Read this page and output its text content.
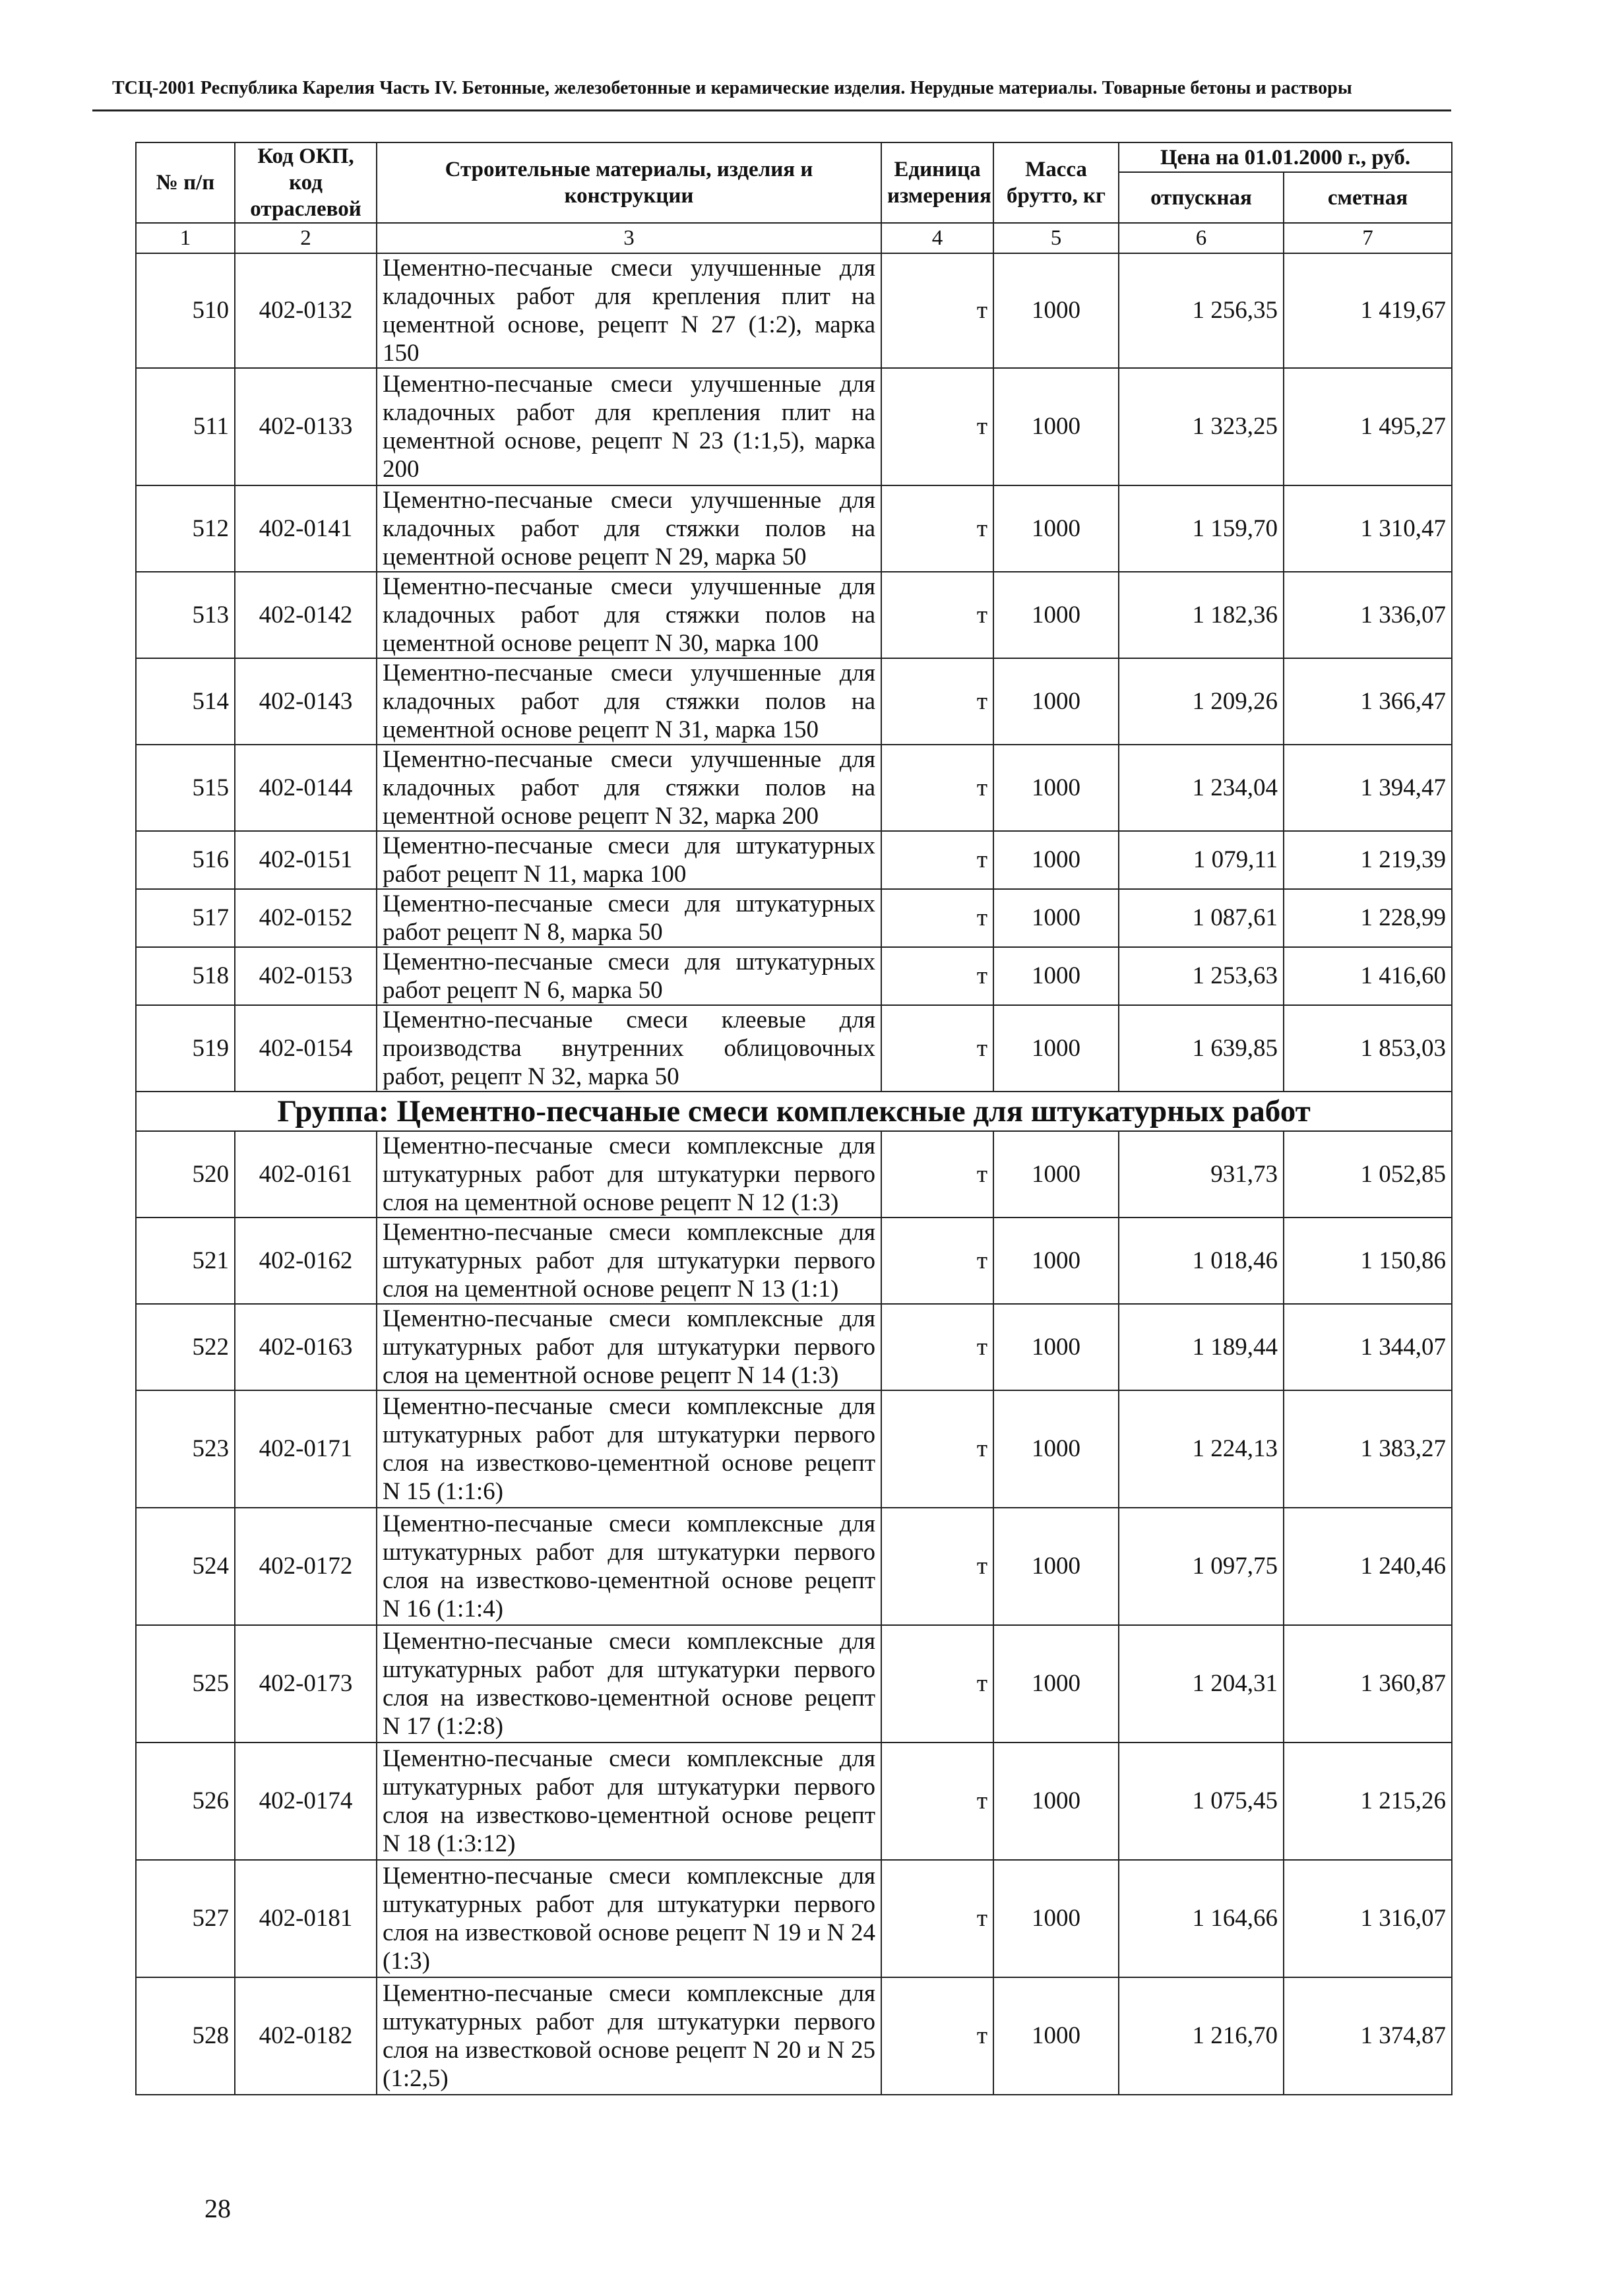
ТСЦ-2001 Республика Карелия Часть IV. Бетонные, железобетонные и керамические изделия. Нерудные материалы. Товарные бетоны и растворы
№ п/п	Код ОКП, код отраслевой	Строительные материалы, изделия и конструкции	Единица измерения	Масса брутто, кг	Цена на 01.01.2000 г., руб.	
					отпускная	сметная
1	2	3	4	5	6	7
510	402-0132	Цементно-песчаные смеси улучшенные для кладочных работ для крепления плит на цементной основе, рецепт N 27 (1:2), марка 150	т	1000	1 256,35	1 419,67
511	402-0133	Цементно-песчаные смеси улучшенные для кладочных работ для крепления плит на цементной основе, рецепт N 23 (1:1,5), марка 200	т	1000	1 323,25	1 495,27
512	402-0141	Цементно-песчаные смеси улучшенные для кладочных работ для стяжки полов на цементной основе рецепт N 29, марка 50	т	1000	1 159,70	1 310,47
513	402-0142	Цементно-песчаные смеси улучшенные для кладочных работ для стяжки полов на цементной основе рецепт N 30, марка 100	т	1000	1 182,36	1 336,07
514	402-0143	Цементно-песчаные смеси улучшенные для кладочных работ для стяжки полов на цементной основе рецепт N 31, марка 150	т	1000	1 209,26	1 366,47
515	402-0144	Цементно-песчаные смеси улучшенные для кладочных работ для стяжки полов на цементной основе рецепт N 32, марка 200	т	1000	1 234,04	1 394,47
516	402-0151	Цементно-песчаные смеси для штукатурных работ рецепт N 11, марка 100	т	1000	1 079,11	1 219,39
517	402-0152	Цементно-песчаные смеси для штукатурных работ рецепт N 8, марка 50	т	1000	1 087,61	1 228,99
518	402-0153	Цементно-песчаные смеси для штукатурных работ рецепт N 6, марка 50	т	1000	1 253,63	1 416,60
519	402-0154	Цементно-песчаные смеси клеевые для производства внутренних облицовочных работ, рецепт N 32, марка 50	т	1000	1 639,85	1 853,03
Группа: Цементно-песчаные смеси комплексные для штукатурных работ						
520	402-0161	Цементно-песчаные смеси комплексные для штукатурных работ для штукатурки первого слоя на цементной основе рецепт N 12 (1:3)	т	1000	931,73	1 052,85
521	402-0162	Цементно-песчаные смеси комплексные для штукатурных работ для штукатурки первого слоя на цементной основе рецепт N 13 (1:1)	т	1000	1 018,46	1 150,86
522	402-0163	Цементно-песчаные смеси комплексные для штукатурных работ для штукатурки первого слоя на цементной основе рецепт N 14 (1:3)	т	1000	1 189,44	1 344,07
523	402-0171	Цементно-песчаные смеси комплексные для штукатурных работ для штукатурки первого слоя на известково-цементной основе рецепт N 15 (1:1:6)	т	1000	1 224,13	1 383,27
524	402-0172	Цементно-песчаные смеси комплексные для штукатурных работ для штукатурки первого слоя на известково-цементной основе рецепт N 16 (1:1:4)	т	1000	1 097,75	1 240,46
525	402-0173	Цементно-песчаные смеси комплексные для штукатурных работ для штукатурки первого слоя на известково-цементной основе рецепт N 17 (1:2:8)	т	1000	1 204,31	1 360,87
526	402-0174	Цементно-песчаные смеси комплексные для штукатурных работ для штукатурки первого слоя на известково-цементной основе рецепт N 18 (1:3:12)	т	1000	1 075,45	1 215,26
527	402-0181	Цементно-песчаные смеси комплексные для штукатурных работ для штукатурки первого слоя на известковой основе рецепт N 19 и N 24 (1:3)	т	1000	1 164,66	1 316,07
528	402-0182	Цементно-песчаные смеси комплексные для штукатурных работ для штукатурки первого слоя на известковой основе рецепт N 20 и N 25 (1:2,5)	т	1000	1 216,70	1 374,87
28
